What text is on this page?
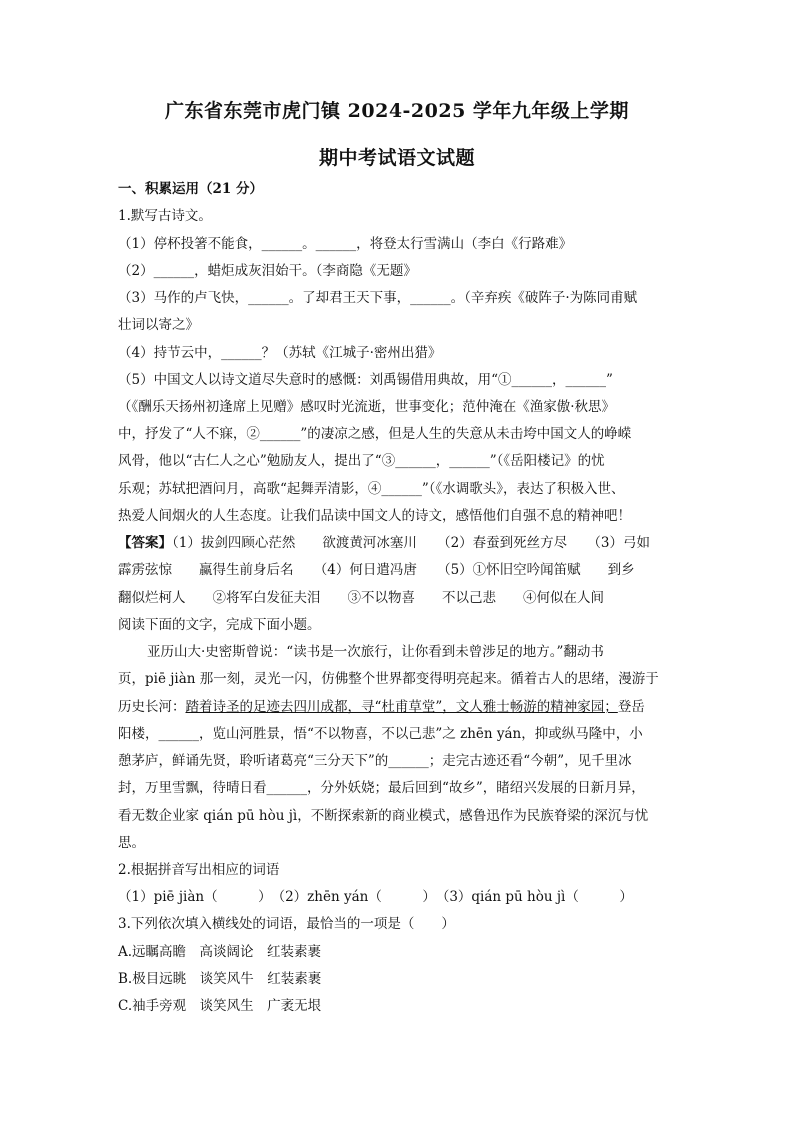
广东省东莞市虎门镇 2024-2025 学年九年级上学期
期中考试语文试题
一、积累运用（21 分）
1.默写古诗文。
（1）停杯投箸不能食，______。______，将登太行雪满山（李白《行路难》
（2）______，蜡炬成灰泪始干。（李商隐《无题》
（3）马作的卢飞快，______。了却君王天下事，______。（辛弃疾《破阵子·为陈同甫赋
壮词以寄之》
（4）持节云中，______？（苏轼《江城子·密州出猎》
（5）中国文人以诗文道尽失意时的感慨：刘禹锡借用典故，用“①______，______”
（《酬乐天扬州初逢席上见赠》感叹时光流逝，世事变化；范仲淹在《渔家傲·秋思》
中，抒发了“人不寐，②______”的凄凉之感，但是人生的失意从未击垮中国文人的峥嵘
风骨，他以“古仁人之心”勉励友人，提出了“③______，______”（《岳阳楼记》的忧
乐观；苏轼把酒问月，高歌“起舞弄清影，④______”（《水调歌头》，表达了积极入世、
热爱人间烟火的人生态度。让我们品读中国文人的诗文，感悟他们自强不息的精神吧！
【答案】（1）拔剑四顾心茫然　　欲渡黄河冰塞川　　（2）春蚕到死丝方尽　　（3）弓如
霹雳弦惊　　赢得生前身后名　　（4）何日遣冯唐　　（5）①怀旧空吟闻笛赋　　到乡
翻似烂柯人　　②将军白发征夫泪　　③不以物喜　　不以己悲　　④何似在人间
阅读下面的文字，完成下面小题。
亚历山大·史密斯曾说：“读书是一次旅行，让你看到未曾涉足的地方。”翻动书
页，piē jiàn 那一刻，灵光一闪，仿佛整个世界都变得明亮起来。循着古人的思绪，漫游于
历史长河：踏着诗圣的足迹去四川成都，寻“杜甫草堂”，文人雅士畅游的精神家园；登岳
阳楼，______，览山河胜景，悟“不以物喜，不以己悲”之 zhēn yán，抑或纵马隆中，小
憩茅庐，鲜诵先贤，聆听诸葛亮“三分天下”的______；走完古迹还看“今朝”，见千里冰
封，万里雪飘，待晴日看______，分外妖娆；最后回到“故乡”，睹绍兴发展的日新月异，
看无数企业家 qián pū hòu jì，不断探索新的商业模式，感鲁迅作为民族脊梁的深沉与忧
思。
2.根据拼音写出相应的词语
（1）piē jiàn（　　　）　（2）zhēn yán（　　　）　（3）qián pū hòu jì（　　　）
3.下列依次填入横线处的词语，最恰当的一项是（　　）
A.远瞩高瞻　高谈阔论　红装素裹
B.极目远眺　谈笑风牛　红装素裹
C.袖手旁观　谈笑风生　广袤无垠
